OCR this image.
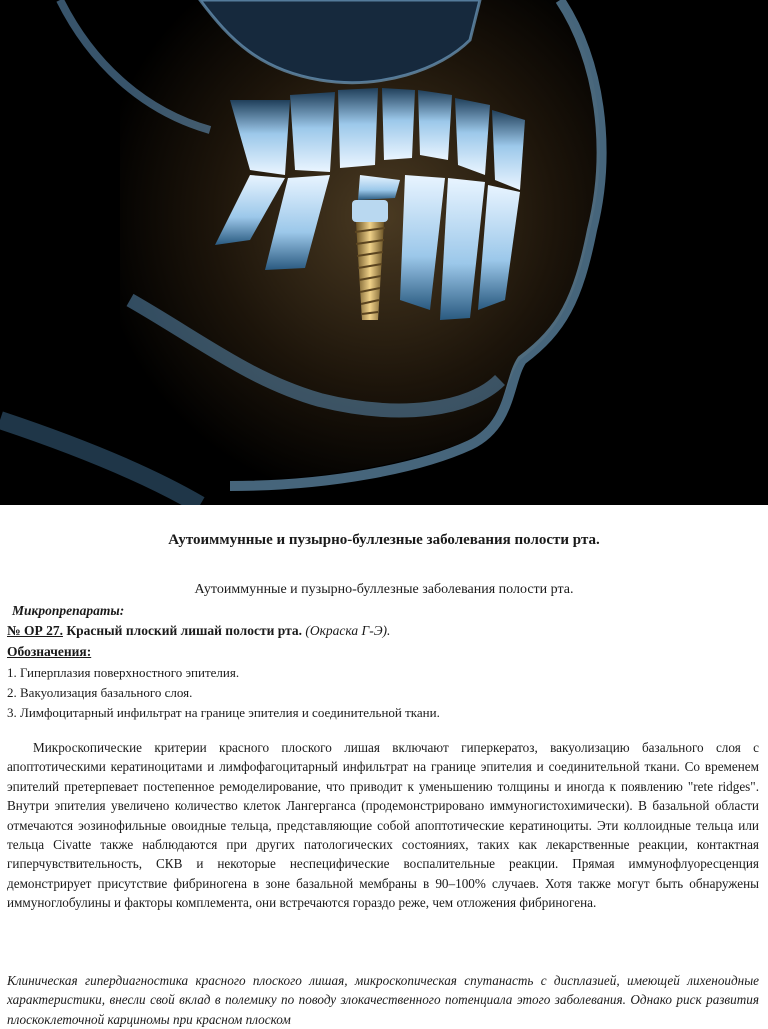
Аутоиммунные и пузырно-буллезные заболевания полости рта.
Аутоиммунные и пузырно-буллезные заболевания полости рта.
Микропрепараты:
№ ОР 27. Красный плоский лишай полости рта. (Окраска Г-Э).
Обозначения:
1. Гиперплазия поверхностного эпителия.
2. Вакуолизация базального слоя.
3. Лимфоцитарный инфильтрат на границе эпителия и соединительной ткани.
Микроскопические критерии красного плоского лишая включают гиперкератоз, вакуолизацию базального слоя с апоптотическими кератиноцитами и лимфофагоцитарный инфильтрат на границе эпителия и соединительной ткани. Со временем эпителий претерпевает постепенное ремоделирование, что приводит к уменьшению толщины и иногда к появлению "rete ridges". Внутри эпителия увеличено количество клеток Лангерганса (продемонстрировано иммуногистохимически). В базальной области отмечаются эозинофильные овоидные тельца, представляющие собой апоптотические кератиноциты. Эти коллоидные тельца или тельца Civatte также наблюдаются при других патологических состояниях, таких как лекарственные реакции, контактная гиперчувствительность, СКВ и некоторые неспецифические воспалительные реакции. Прямая иммунофлуоресценция демонстрирует присутствие фибриногена в зоне базальной мембраны в 90–100% случаев. Хотя также могут быть обнаружены иммуноглобулины и факторы комплемента, они встречаются гораздо реже, чем отложения фибриногена.
Клиническая гипердиагностика красного плоского лишая, микроскопическая спутанасть с дисплазией, имеющей лихеноидные характеристики, внесли свой вклад в полемику по поводу злокачественного потенциала этого заболевания. Однако риск развития плоскоклеточной карциномы при красном плоском
